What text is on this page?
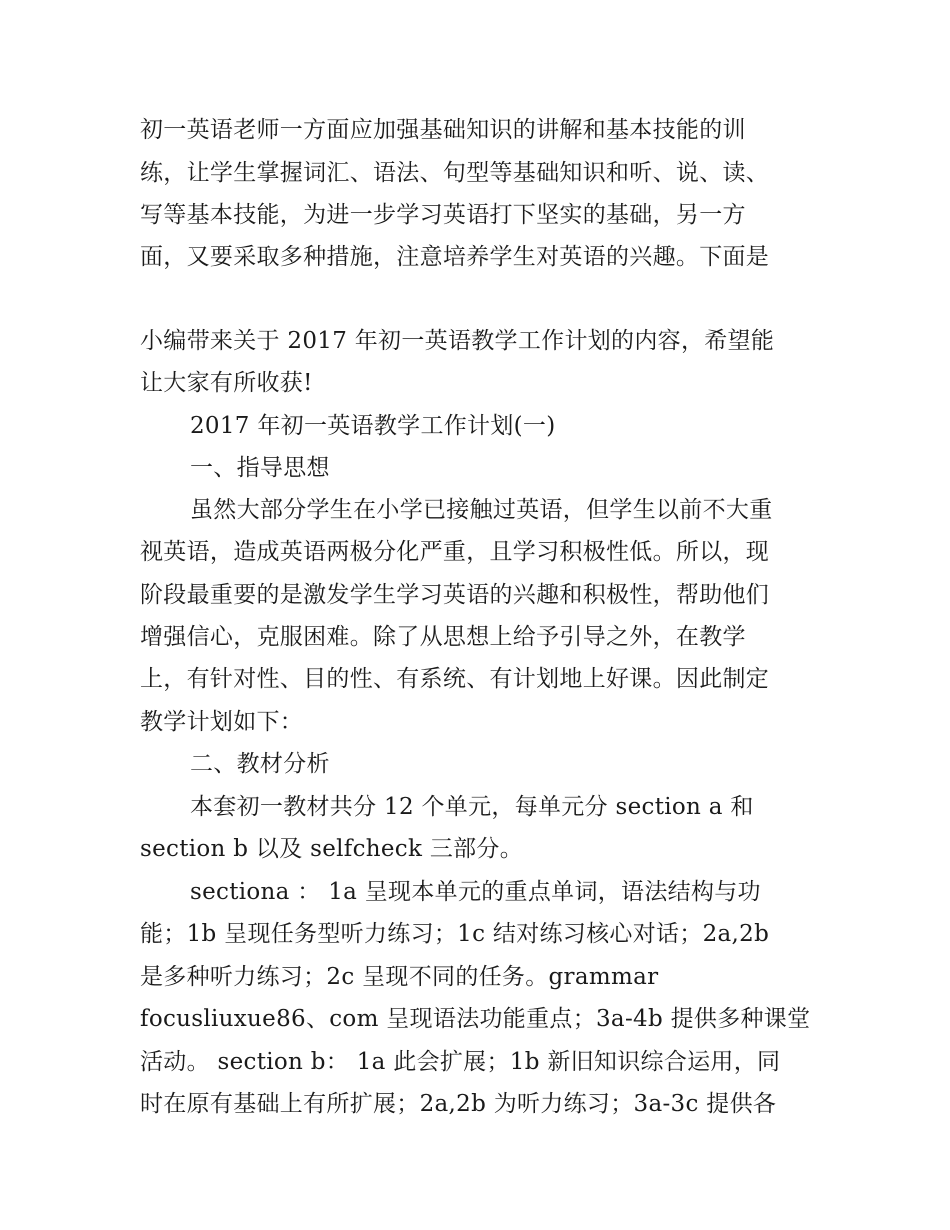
初一英语老师一方面应加强基础知识的讲解和基本技能的训
练，让学生掌握词汇、语法、句型等基础知识和听、说、读、
写等基本技能，为进一步学习英语打下坚实的基础，另一方
面，又要采取多种措施，注意培养学生对英语的兴趣。下面是
小编带来关于 2017 年初一英语教学工作计划的内容，希望能
让大家有所收获!
2017 年初一英语教学工作计划(一)
一、指导思想
虽然大部分学生在小学已接触过英语，但学生以前不大重
视英语，造成英语两极分化严重，且学习积极性低。所以，现
阶段最重要的是激发学生学习英语的兴趣和积极性，帮助他们
增强信心，克服困难。除了从思想上给予引导之外，在教学
上，有针对性、目的性、有系统、有计划地上好课。因此制定
教学计划如下：
二、教材分析
本套初一教材共分 12 个单元，每单元分 section a 和
section b 以及 selfcheck 三部分。
sectiona ： 1a 呈现本单元的重点单词，语法结构与功
能；1b 呈现任务型听力练习；1c 结对练习核心对话；2a,2b
是多种听力练习；2c 呈现不同的任务。grammar
focusliuxue86、com 呈现语法功能重点；3a-4b 提供多种课堂
活动。 section b： 1a 此会扩展；1b 新旧知识综合运用，同
时在原有基础上有所扩展；2a,2b 为听力练习；3a-3c 提供各
